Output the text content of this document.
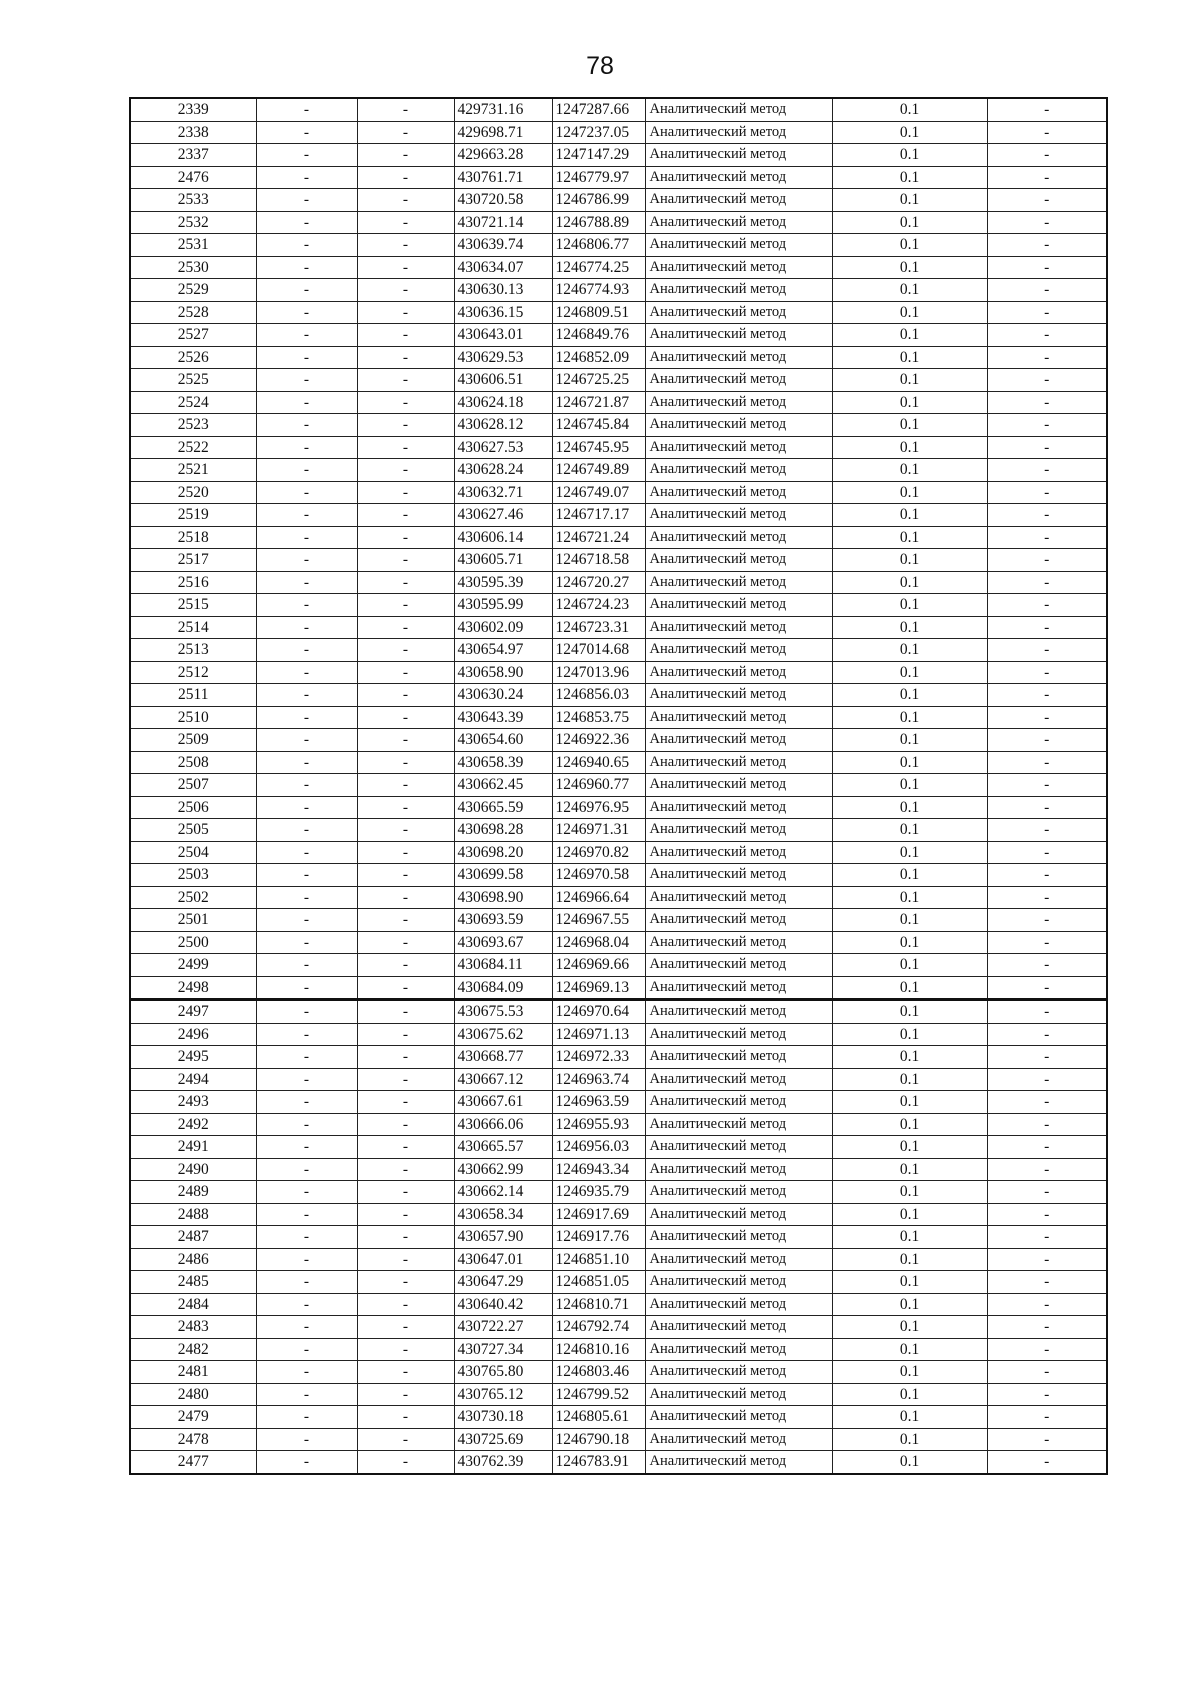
78
2339	-	-	429731.16	1247287.66	Аналитический метод	0.1	-
2338	-	-	429698.71	1247237.05	Аналитический метод	0.1	-
2337	-	-	429663.28	1247147.29	Аналитический метод	0.1	-
2476	-	-	430761.71	1246779.97	Аналитический метод	0.1	-
2533	-	-	430720.58	1246786.99	Аналитический метод	0.1	-
2532	-	-	430721.14	1246788.89	Аналитический метод	0.1	-
2531	-	-	430639.74	1246806.77	Аналитический метод	0.1	-
2530	-	-	430634.07	1246774.25	Аналитический метод	0.1	-
2529	-	-	430630.13	1246774.93	Аналитический метод	0.1	-
2528	-	-	430636.15	1246809.51	Аналитический метод	0.1	-
2527	-	-	430643.01	1246849.76	Аналитический метод	0.1	-
2526	-	-	430629.53	1246852.09	Аналитический метод	0.1	-
2525	-	-	430606.51	1246725.25	Аналитический метод	0.1	-
2524	-	-	430624.18	1246721.87	Аналитический метод	0.1	-
2523	-	-	430628.12	1246745.84	Аналитический метод	0.1	-
2522	-	-	430627.53	1246745.95	Аналитический метод	0.1	-
2521	-	-	430628.24	1246749.89	Аналитический метод	0.1	-
2520	-	-	430632.71	1246749.07	Аналитический метод	0.1	-
2519	-	-	430627.46	1246717.17	Аналитический метод	0.1	-
2518	-	-	430606.14	1246721.24	Аналитический метод	0.1	-
2517	-	-	430605.71	1246718.58	Аналитический метод	0.1	-
2516	-	-	430595.39	1246720.27	Аналитический метод	0.1	-
2515	-	-	430595.99	1246724.23	Аналитический метод	0.1	-
2514	-	-	430602.09	1246723.31	Аналитический метод	0.1	-
2513	-	-	430654.97	1247014.68	Аналитический метод	0.1	-
2512	-	-	430658.90	1247013.96	Аналитический метод	0.1	-
2511	-	-	430630.24	1246856.03	Аналитический метод	0.1	-
2510	-	-	430643.39	1246853.75	Аналитический метод	0.1	-
2509	-	-	430654.60	1246922.36	Аналитический метод	0.1	-
2508	-	-	430658.39	1246940.65	Аналитический метод	0.1	-
2507	-	-	430662.45	1246960.77	Аналитический метод	0.1	-
2506	-	-	430665.59	1246976.95	Аналитический метод	0.1	-
2505	-	-	430698.28	1246971.31	Аналитический метод	0.1	-
2504	-	-	430698.20	1246970.82	Аналитический метод	0.1	-
2503	-	-	430699.58	1246970.58	Аналитический метод	0.1	-
2502	-	-	430698.90	1246966.64	Аналитический метод	0.1	-
2501	-	-	430693.59	1246967.55	Аналитический метод	0.1	-
2500	-	-	430693.67	1246968.04	Аналитический метод	0.1	-
2499	-	-	430684.11	1246969.66	Аналитический метод	0.1	-
2498	-	-	430684.09	1246969.13	Аналитический метод	0.1	-
2497	-	-	430675.53	1246970.64	Аналитический метод	0.1	-
2496	-	-	430675.62	1246971.13	Аналитический метод	0.1	-
2495	-	-	430668.77	1246972.33	Аналитический метод	0.1	-
2494	-	-	430667.12	1246963.74	Аналитический метод	0.1	-
2493	-	-	430667.61	1246963.59	Аналитический метод	0.1	-
2492	-	-	430666.06	1246955.93	Аналитический метод	0.1	-
2491	-	-	430665.57	1246956.03	Аналитический метод	0.1	-
2490	-	-	430662.99	1246943.34	Аналитический метод	0.1	-
2489	-	-	430662.14	1246935.79	Аналитический метод	0.1	-
2488	-	-	430658.34	1246917.69	Аналитический метод	0.1	-
2487	-	-	430657.90	1246917.76	Аналитический метод	0.1	-
2486	-	-	430647.01	1246851.10	Аналитический метод	0.1	-
2485	-	-	430647.29	1246851.05	Аналитический метод	0.1	-
2484	-	-	430640.42	1246810.71	Аналитический метод	0.1	-
2483	-	-	430722.27	1246792.74	Аналитический метод	0.1	-
2482	-	-	430727.34	1246810.16	Аналитический метод	0.1	-
2481	-	-	430765.80	1246803.46	Аналитический метод	0.1	-
2480	-	-	430765.12	1246799.52	Аналитический метод	0.1	-
2479	-	-	430730.18	1246805.61	Аналитический метод	0.1	-
2478	-	-	430725.69	1246790.18	Аналитический метод	0.1	-
2477	-	-	430762.39	1246783.91	Аналитический метод	0.1	-
